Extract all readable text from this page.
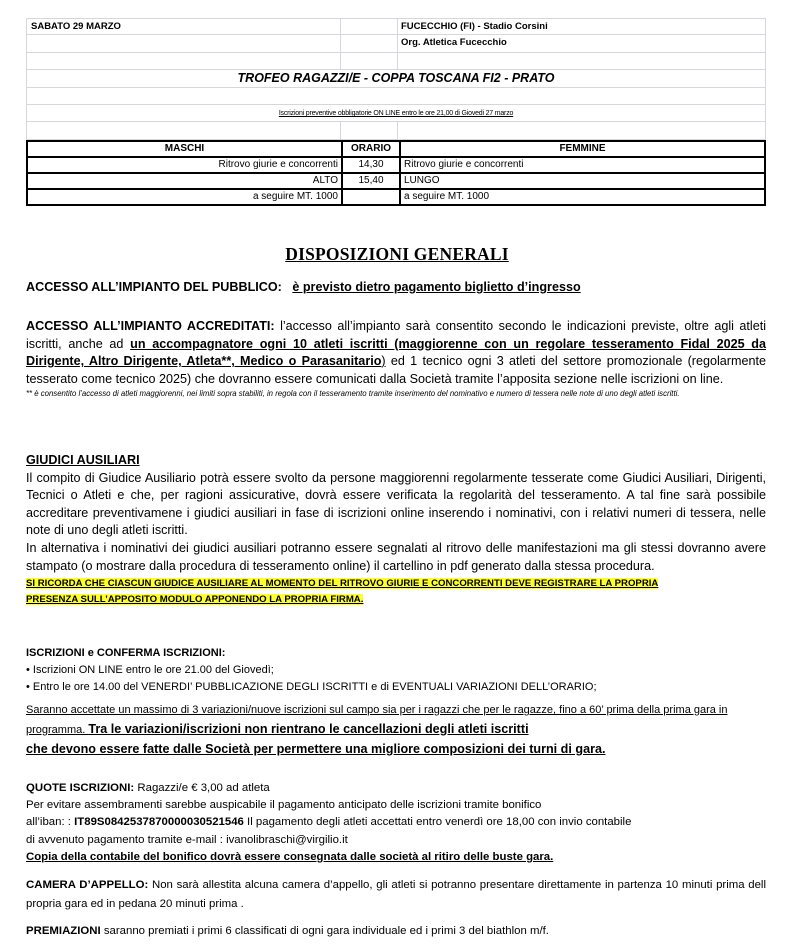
SABATO 29 MARZO	FUCECCHIO (FI) - Stadio Corsini
Org. Atletica Fucecchio
TROFEO RAGAZZI/E - COPPA TOSCANA FI2 - PRATO
Iscrizioni preventive obbligatorie ON LINE entro le ore 21,00 di Giovedi 27 marzo
MASCHI	ORARIO	FEMMINE
Ritrovo giurie e concorrenti	14,30	Ritrovo giurie e concorrenti
ALTO	15,40	LUNGO
a seguire MT. 1000		a seguire MT. 1000
DISPOSIZIONI GENERALI
ACCESSO ALL’IMPIANTO DEL PUBBLICO: è previsto dietro pagamento biglietto d’ingresso
ACCESSO ALL’IMPIANTO ACCREDITATI: l’accesso all’impianto sarà consentito secondo le indicazioni previste, oltre agli atleti iscritti, anche ad un accompagnatore ogni 10 atleti iscritti (maggiorenne con un regolare tesseramento Fidal 2025 da Dirigente, Altro Dirigente, Atleta**, Medico o Parasanitario) ed 1 tecnico ogni 3 atleti del settore promozionale (regolarmente tesserato come tecnico 2025) che dovranno essere comunicati dalla Società tramite l’apposita sezione nelle iscrizioni on line.
** è consentito l’accesso di atleti maggiorenni, nei limiti sopra stabiliti, in regola con il tesseramento tramite inserimento del nominativo e numero di tessera nelle note di uno degli atleti iscritti.
GIUDICI AUSILIARI
Il compito di Giudice Ausiliario potrà essere svolto da persone maggiorenni regolarmente tesserate come Giudici Ausiliari, Dirigenti, Tecnici o Atleti e che, per ragioni assicurative, dovrà essere verificata la regolarità del tesseramento. A tal fine sarà possibile accreditare preventivamene i giudici ausiliari in fase di iscrizioni online inserendo i nominativi, con i relativi numeri di tessera, nelle note di uno degli atleti iscritti.
In alternativa i nominativi dei giudici ausiliari potranno essere segnalati al ritrovo delle manifestazioni ma gli stessi dovranno avere stampato (o mostrare dalla procedura di tesseramento online) il cartellino in pdf generato dalla stessa procedura.
SI RICORDA CHE CIASCUN GIUDICE AUSILIARE AL MOMENTO DEL RITROVO GIURIE E CONCORRENTI DEVE REGISTRARE LA PROPRIA
PRESENZA SULL’APPOSITO MODULO APPONENDO LA PROPRIA FIRMA.
ISCRIZIONI e CONFERMA ISCRIZIONI:
• Iscrizioni ON LINE entro le ore 21.00 del Giovedì;
• Entro le ore 14.00 del VENERDI’ PUBBLICAZIONE DEGLI ISCRITTI e di EVENTUALI VARIAZIONI DELL’ORARIO;
Saranno accettate un massimo di 3 variazioni/nuove iscrizioni sul campo sia per i ragazzi che per le ragazze, fino a 60’ prima della prima gara in programma. Tra le variazioni/iscrizioni non rientrano le cancellazioni degli atleti iscritti
che devono essere fatte dalle Società per permettere una migliore composizioni dei turni di gara.
QUOTE ISCRIZIONI: Ragazzi/e € 3,00 ad atleta
Per evitare assembramenti sarebbe auspicabile il pagamento anticipato delle iscrizioni tramite bonifico
all’iban: : IT89S0842537870000030521546 Il pagamento degli atleti accettati entro venerdì ore 18,00 con invio contabile
di avvenuto pagamento tramite e-mail : ivanolibraschi@virgilio.it
Copia della contabile del bonifico dovrà essere consegnata dalle società al ritiro delle buste gara.
CAMERA D’APPELLO: Non sarà allestita alcuna camera d’appello, gli atleti si potranno presentare direttamente in partenza 10 minuti prima dell propria gara ed in pedana 20 minuti prima .
PREMIAZIONI saranno premiati i primi 6 classificati di ogni gara individuale ed i primi 3 del biathlon m/f.
